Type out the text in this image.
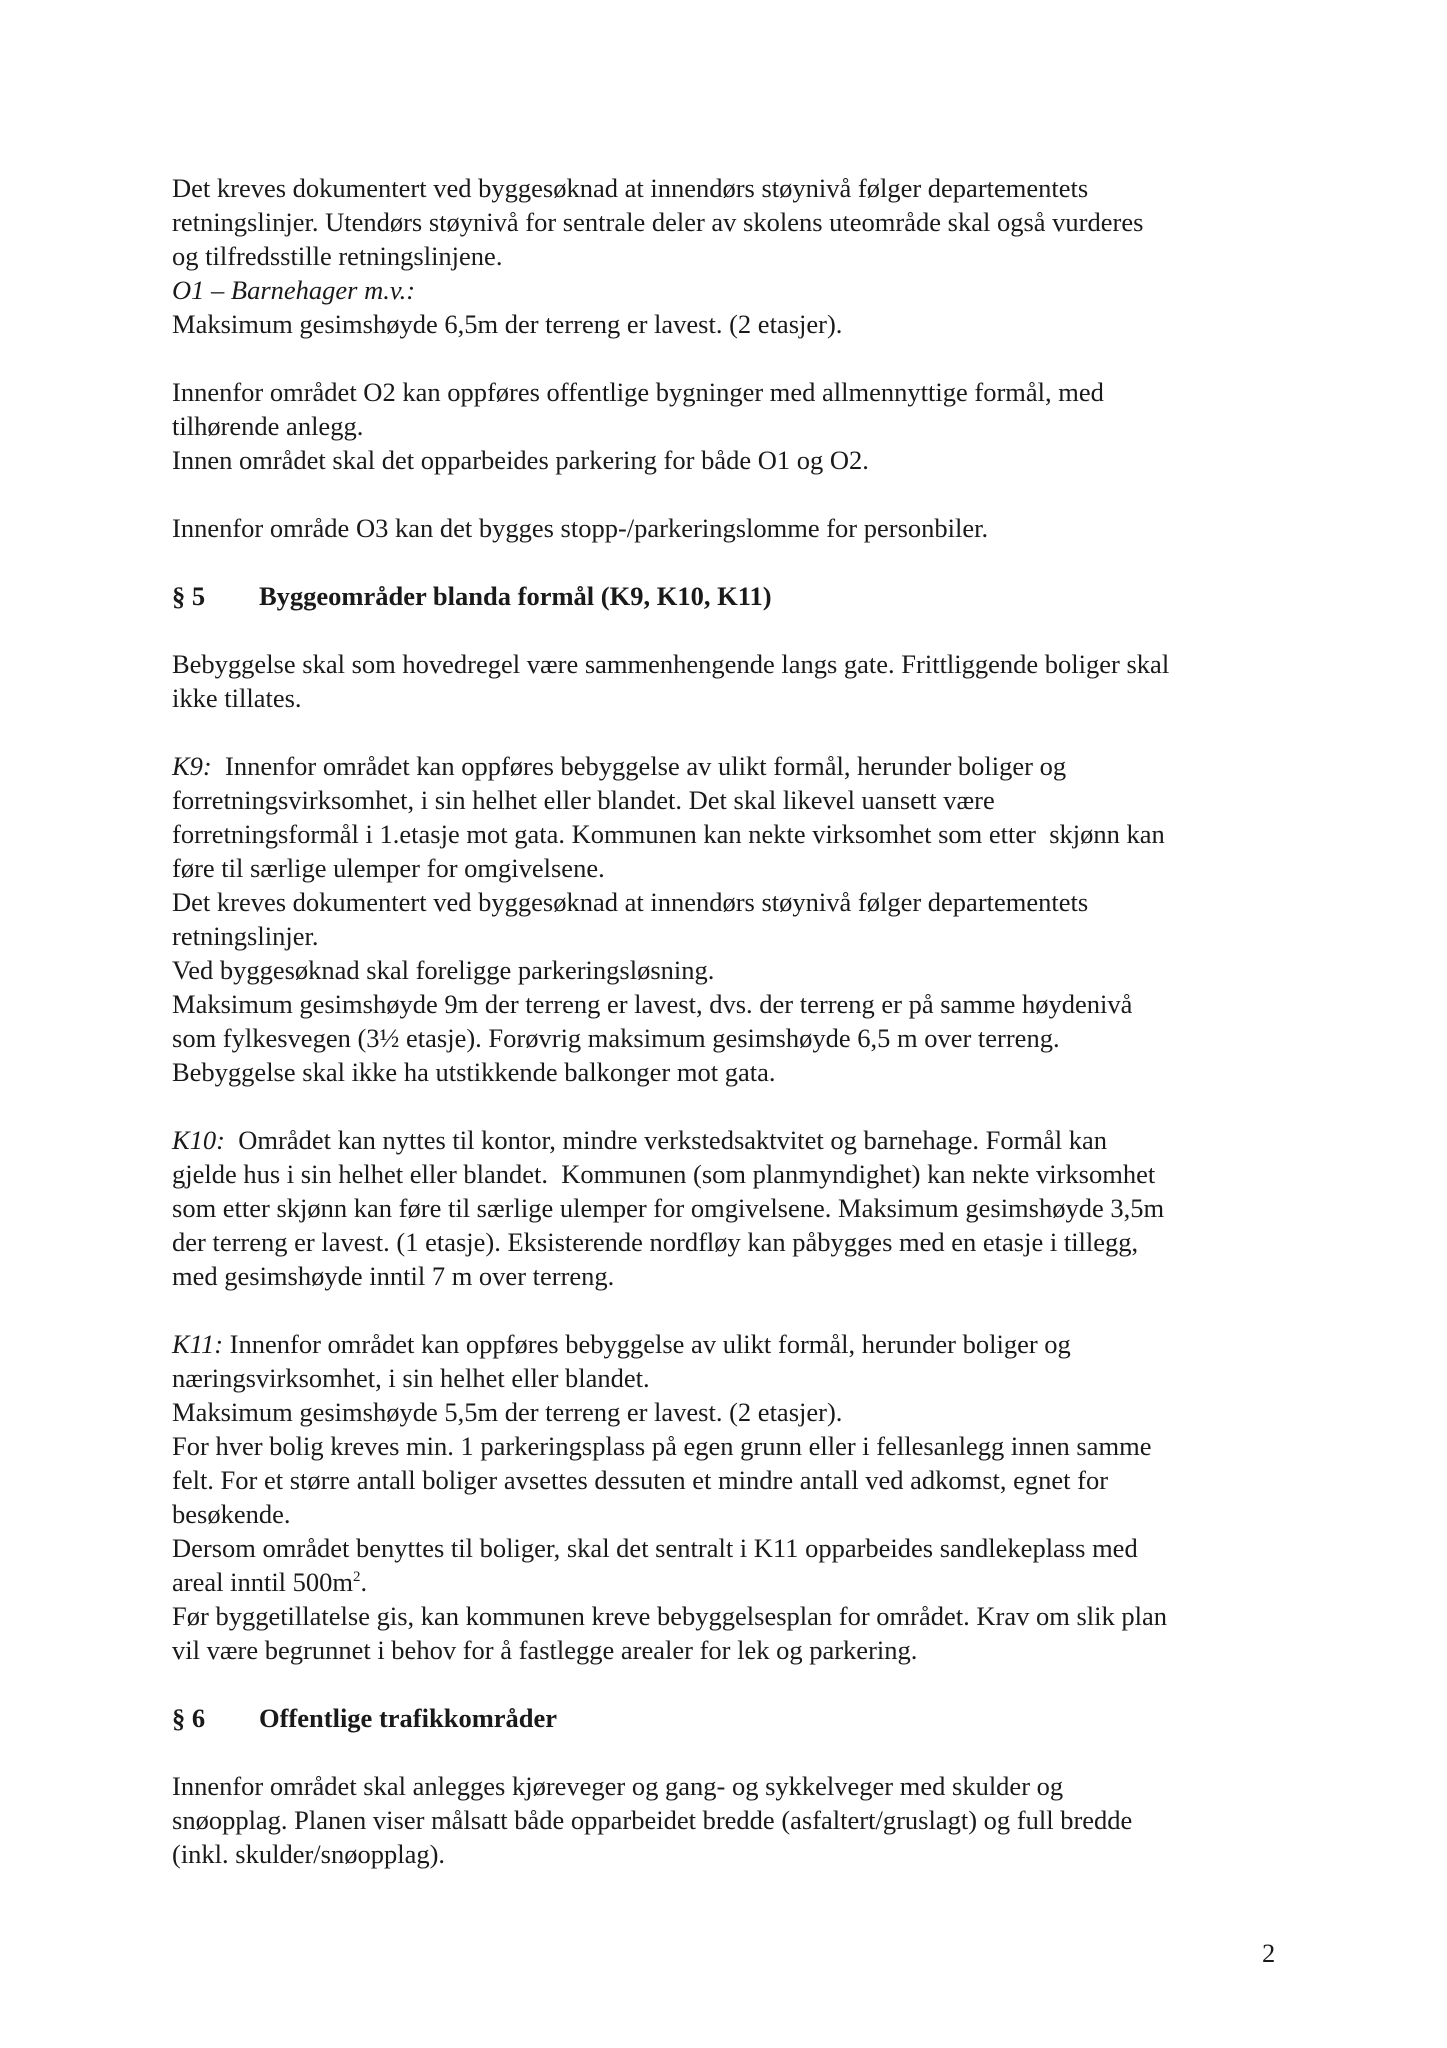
Det kreves dokumentert ved byggesøknad at innendørs støynivå følger departementets

retningslinjer. Utendørs støynivå for sentrale deler av skolens uteområde skal også vurderes

og tilfredsstille retningslinjene.

O1 – Barnehager m.v.:

Maksimum gesimshøyde 6,5m der terreng er lavest. (2 etasjer).

Innenfor området O2 kan oppføres offentlige bygninger med allmennyttige formål, med

tilhørende anlegg.

Innen området skal det opparbeides parkering for både O1 og O2.

Innenfor område O3 kan det bygges stopp-/parkeringslomme for personbiler.

§ 5	Byggeområder blanda formål (K9, K10, K11)

Bebyggelse skal som hovedregel være sammenhengende langs gate. Frittliggende boliger skal

ikke tillates.

K9:  Innenfor området kan oppføres bebyggelse av ulikt formål, herunder boliger og

forretningsvirksomhet, i sin helhet eller blandet. Det skal likevel uansett være

forretningsformål i 1.etasje mot gata. Kommunen kan nekte virksomhet som etter  skjønn kan

føre til særlige ulemper for omgivelsene.

Det kreves dokumentert ved byggesøknad at innendørs støynivå følger departementets

retningslinjer.

Ved byggesøknad skal foreligge parkeringsløsning.

Maksimum gesimshøyde 9m der terreng er lavest, dvs. der terreng er på samme høydenivå

som fylkesvegen (3½ etasje). Forøvrig maksimum gesimshøyde 6,5 m over terreng.

Bebyggelse skal ikke ha utstikkende balkonger mot gata.

K10:  Området kan nyttes til kontor, mindre verkstedsaktvitet og barnehage. Formål kan

gjelde hus i sin helhet eller blandet.  Kommunen (som planmyndighet) kan nekte virksomhet

som etter skjønn kan føre til særlige ulemper for omgivelsene. Maksimum gesimshøyde 3,5m

der terreng er lavest. (1 etasje). Eksisterende nordfløy kan påbygges med en etasje i tillegg,

med gesimshøyde inntil 7 m over terreng.

K11: Innenfor området kan oppføres bebyggelse av ulikt formål, herunder boliger og

næringsvirksomhet, i sin helhet eller blandet.

Maksimum gesimshøyde 5,5m der terreng er lavest. (2 etasjer).

For hver bolig kreves min. 1 parkeringsplass på egen grunn eller i fellesanlegg innen samme

felt. For et større antall boliger avsettes dessuten et mindre antall ved adkomst, egnet for

besøkende.

Dersom området benyttes til boliger, skal det sentralt i K11 opparbeides sandlekeplass med

areal inntil $500m^2$.

Før byggetillatelse gis, kan kommunen kreve bebyggelsesplan for området. Krav om slik plan

vil være begrunnet i behov for å fastlegge arealer for lek og parkering.

§ 6	Offentlige trafikkområder

Innenfor området skal anlegges kjøreveger og gang- og sykkelveger med skulder og

snøopplag. Planen viser målsatt både opparbeidet bredde (asfaltert/gruslagt) og full bredde

(inkl. skulder/snøopplag).

2
